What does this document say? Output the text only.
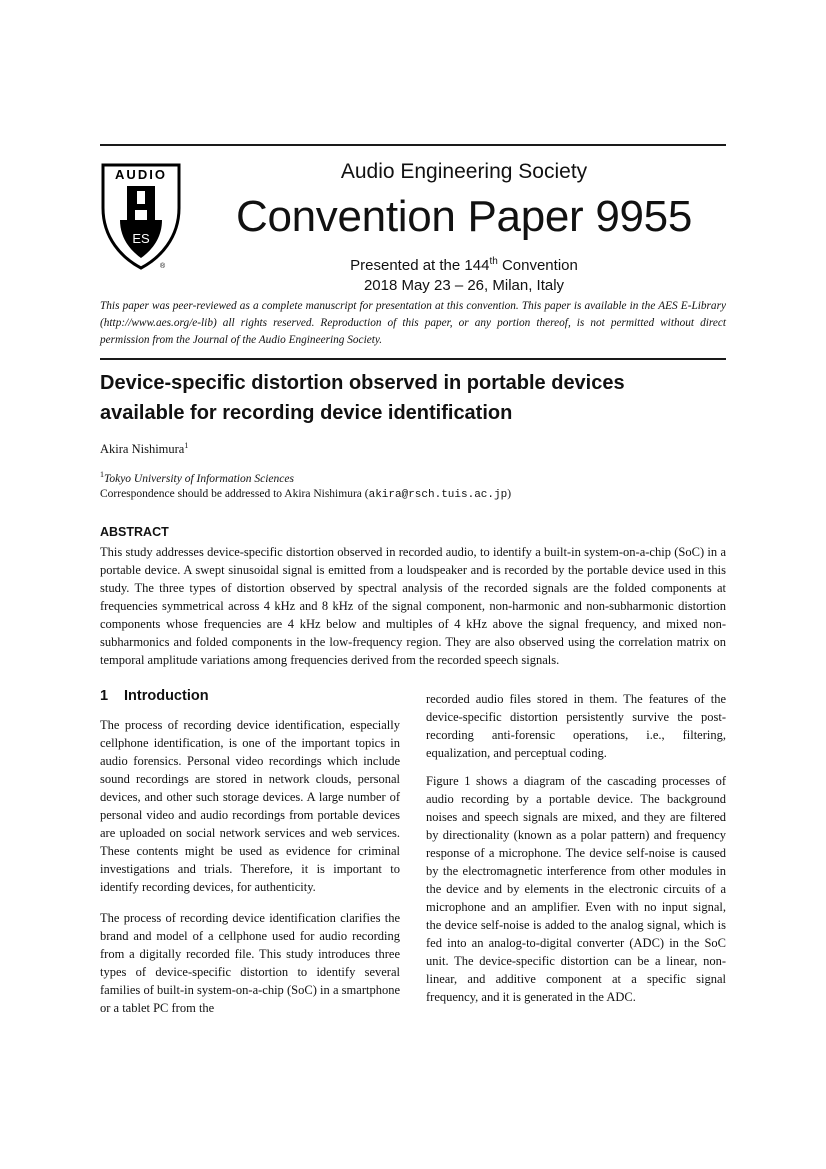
AUDIO
ES
®
Audio Engineering Society
Convention Paper 9955
Presented at the 144th Convention
2018 May 23 – 26, Milan, Italy
This paper was peer-reviewed as a complete manuscript for presentation at this convention. This paper is available in the AES E-Library (http://www.aes.org/e-lib) all rights reserved. Reproduction of this paper, or any portion thereof, is not permitted without direct permission from the Journal of the Audio Engineering Society.
Device-specific distortion observed in portable devices
available for recording device identification
Akira Nishimura$^1$
$^1$Tokyo University of Information Sciences
Correspondence should be addressed to Akira Nishimura (akira@rsch.tuis.ac.jp)
ABSTRACT
This study addresses device-specific distortion observed in recorded audio, to identify a built-in system-on-a-chip (SoC) in a portable device. A swept sinusoidal signal is emitted from a loudspeaker and is recorded by the portable device used in this study. The three types of distortion observed by spectral analysis of the recorded signals are the folded components at frequencies symmetrical across 4 kHz and 8 kHz of the signal component, non-harmonic and non-subharmonic distortion components whose frequencies are 4 kHz below and multiples of 4 kHz above the signal frequency, and mixed non-subharmonics and folded components in the low-frequency region. They are also observed using the correlation matrix on temporal amplitude variations among frequencies derived from the recorded speech signals.
1 Introduction
The process of recording device identification, especially cellphone identification, is one of the important topics in audio forensics. Personal video recordings which include sound recordings are stored in network clouds, personal devices, and other such storage devices. A large number of personal video and audio recordings from portable devices are uploaded on social network services and web services. These contents might be used as evidence for criminal investigations and trials. Therefore, it is important to identify recording devices, for authenticity.
The process of recording device identification clarifies the brand and model of a cellphone used for audio recording from a digitally recorded file. This study introduces three types of device-specific distortion to identify several families of built-in system-on-a-chip (SoC) in a smartphone or a tablet PC from the
recorded audio files stored in them. The features of the device-specific distortion persistently survive the post-recording anti-forensic operations, i.e., filtering, equalization, and perceptual coding.
Figure 1 shows a diagram of the cascading processes of audio recording by a portable device. The background noises and speech signals are mixed, and they are filtered by directionality (known as a polar pattern) and frequency response of a microphone. The device self-noise is caused by the electromagnetic interference from other modules in the device and by elements in the electronic circuits of a microphone and an amplifier. Even with no input signal, the device self-noise is added to the analog signal, which is fed into an analog-to-digital converter (ADC) in the SoC unit. The device-specific distortion can be a linear, non-linear, and additive component at a specific signal frequency, and it is generated in the ADC.
